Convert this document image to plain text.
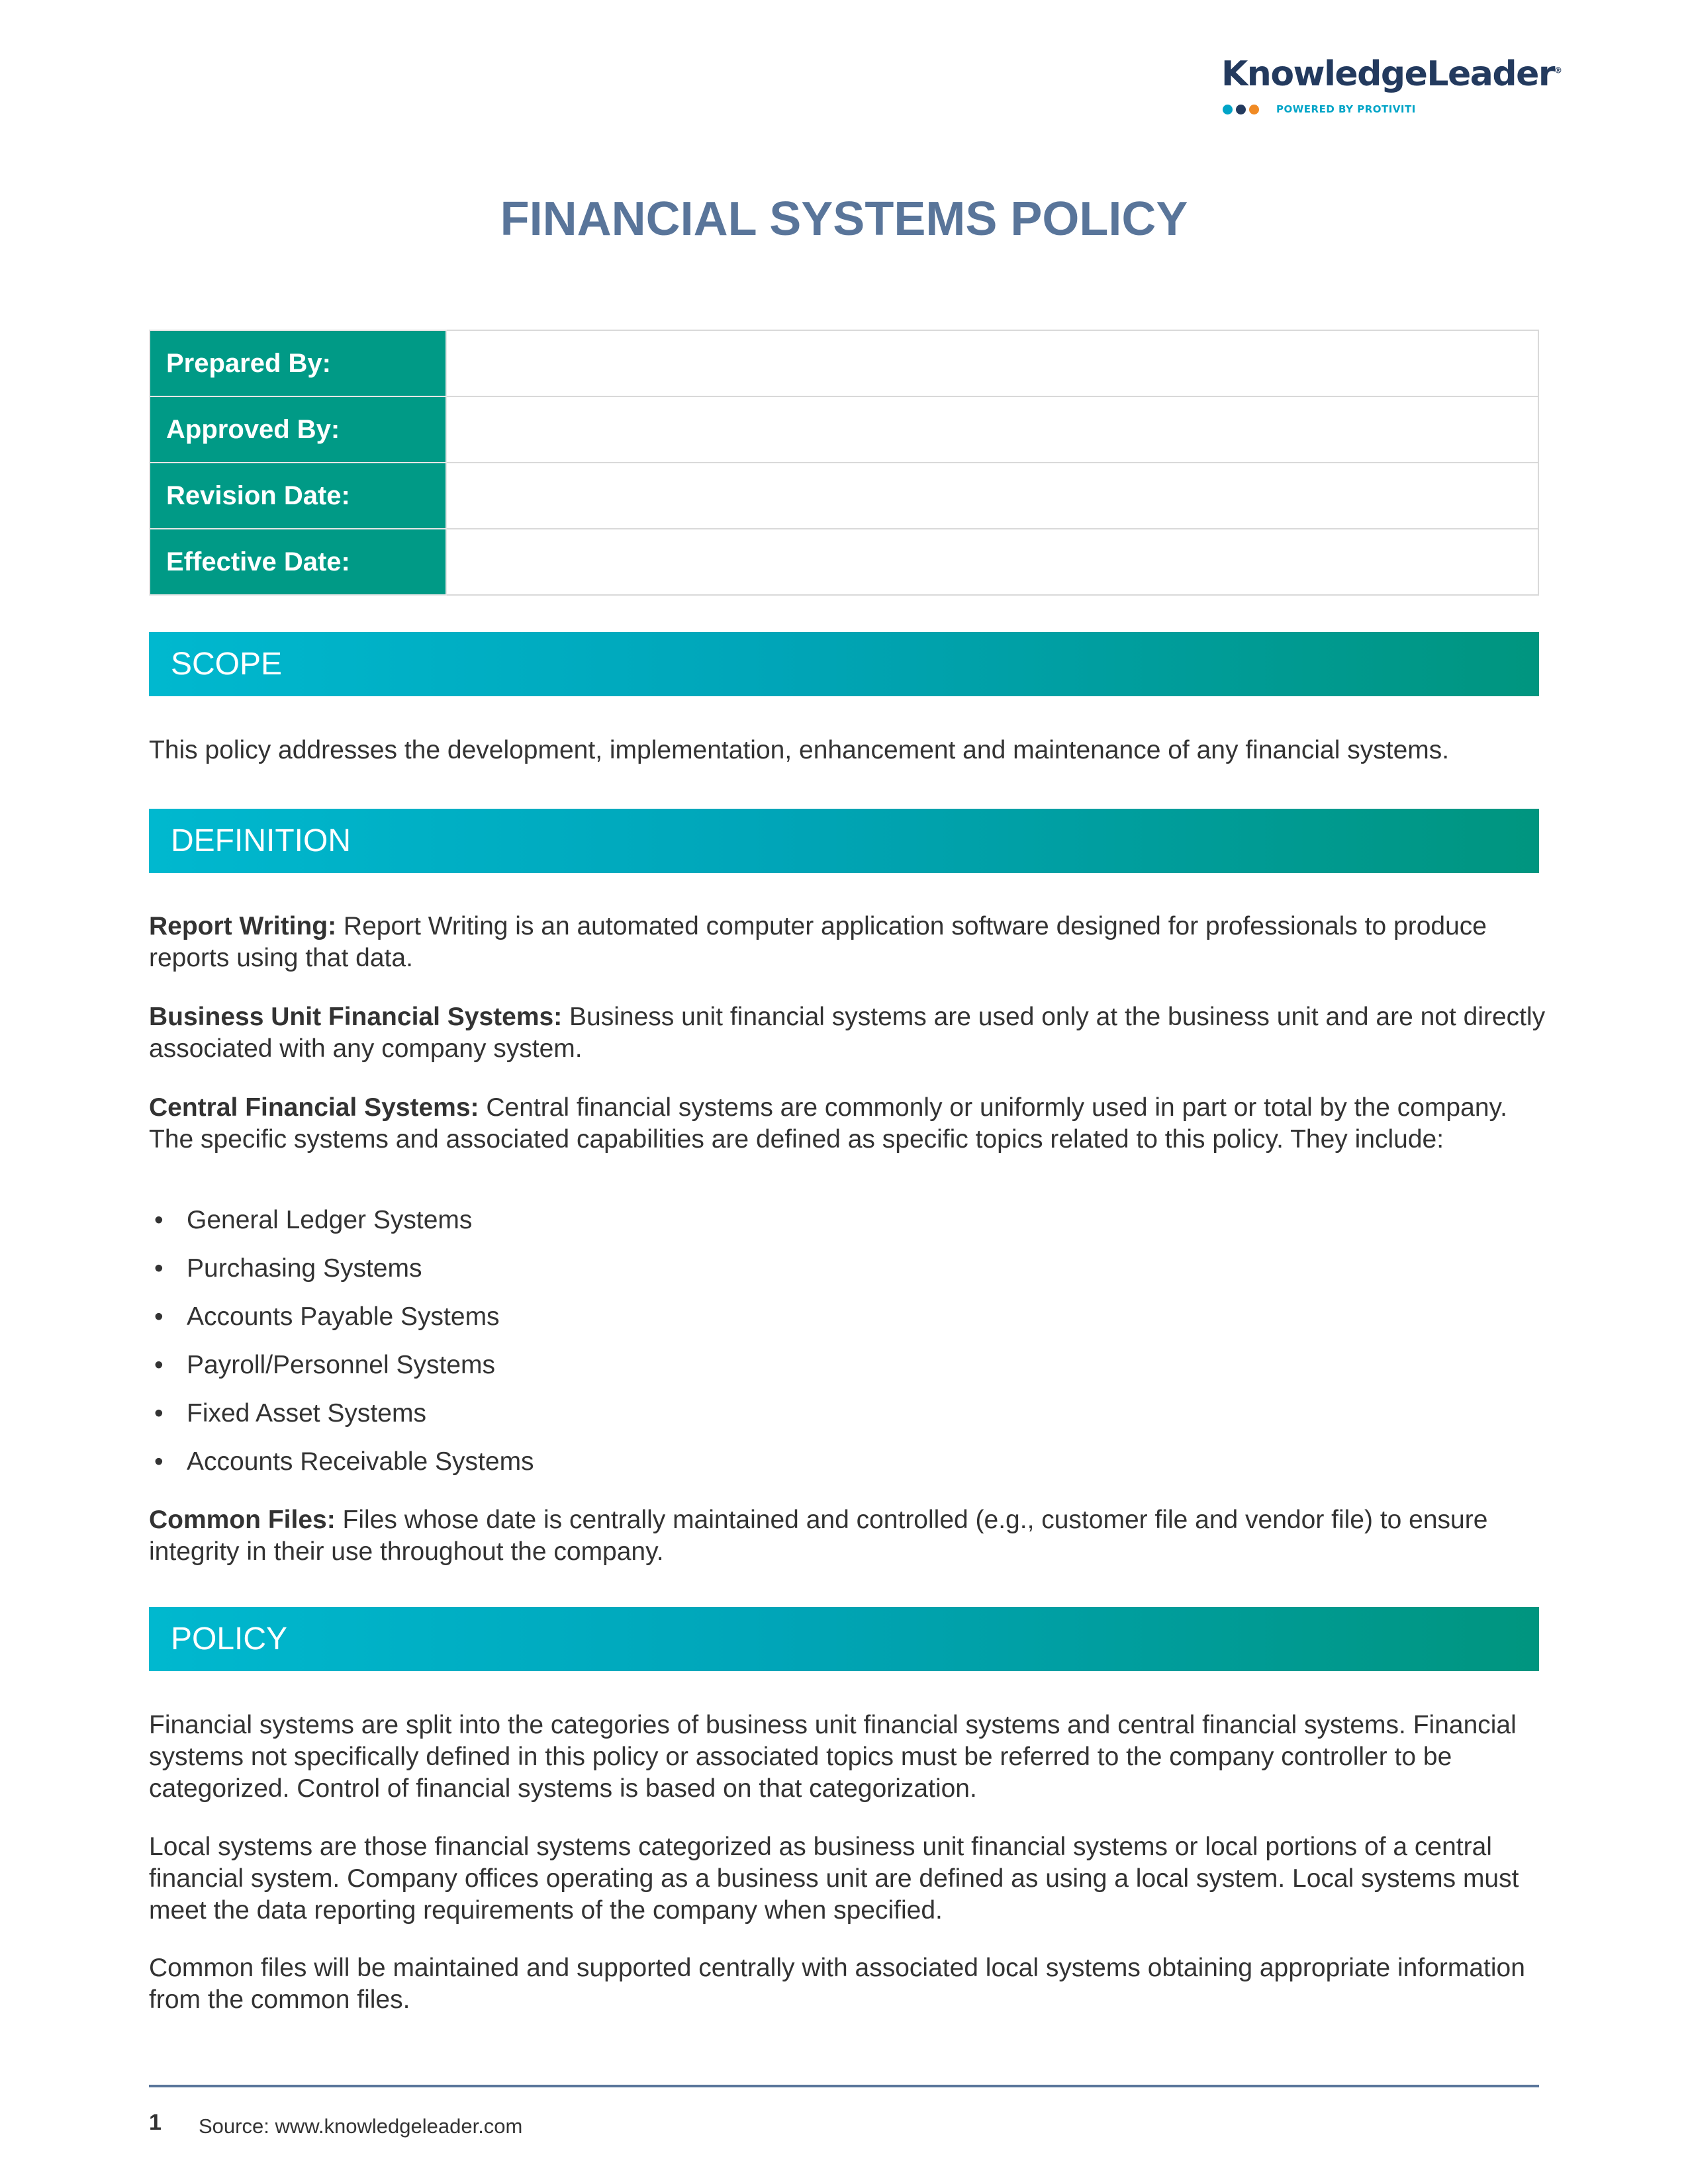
KnowledgeLeader®
POWERED BY PROTIVITI
FINANCIAL SYSTEMS POLICY
Prepared By:	
Approved By:	
Revision Date:	
Effective Date:	
SCOPE

This policy addresses the development, implementation, enhancement and maintenance of any financial systems.

DEFINITION

Report Writing: Report Writing is an automated computer application software designed for professionals to produce reports using that data.

Business Unit Financial Systems: Business unit financial systems are used only at the business unit and are not directly associated with any company system.

Central Financial Systems: Central financial systems are commonly or uniformly used in part or total by the company. The specific systems and associated capabilities are defined as specific topics related to this policy. They include:

• General Ledger Systems
• Purchasing Systems
• Accounts Payable Systems
• Payroll/Personnel Systems
• Fixed Asset Systems
• Accounts Receivable Systems

Common Files: Files whose date is centrally maintained and controlled (e.g., customer file and vendor file) to ensure integrity in their use throughout the company.

POLICY

Financial systems are split into the categories of business unit financial systems and central financial systems. Financial systems not specifically defined in this policy or associated topics must be referred to the company controller to be categorized. Control of financial systems is based on that categorization.

Local systems are those financial systems categorized as business unit financial systems or local portions of a central financial system. Company offices operating as a business unit are defined as using a local system. Local systems must meet the data reporting requirements of the company when specified.

Common files will be maintained and supported centrally with associated local systems obtaining appropriate information from the common files.

1 Source: www.knowledgeleader.com
